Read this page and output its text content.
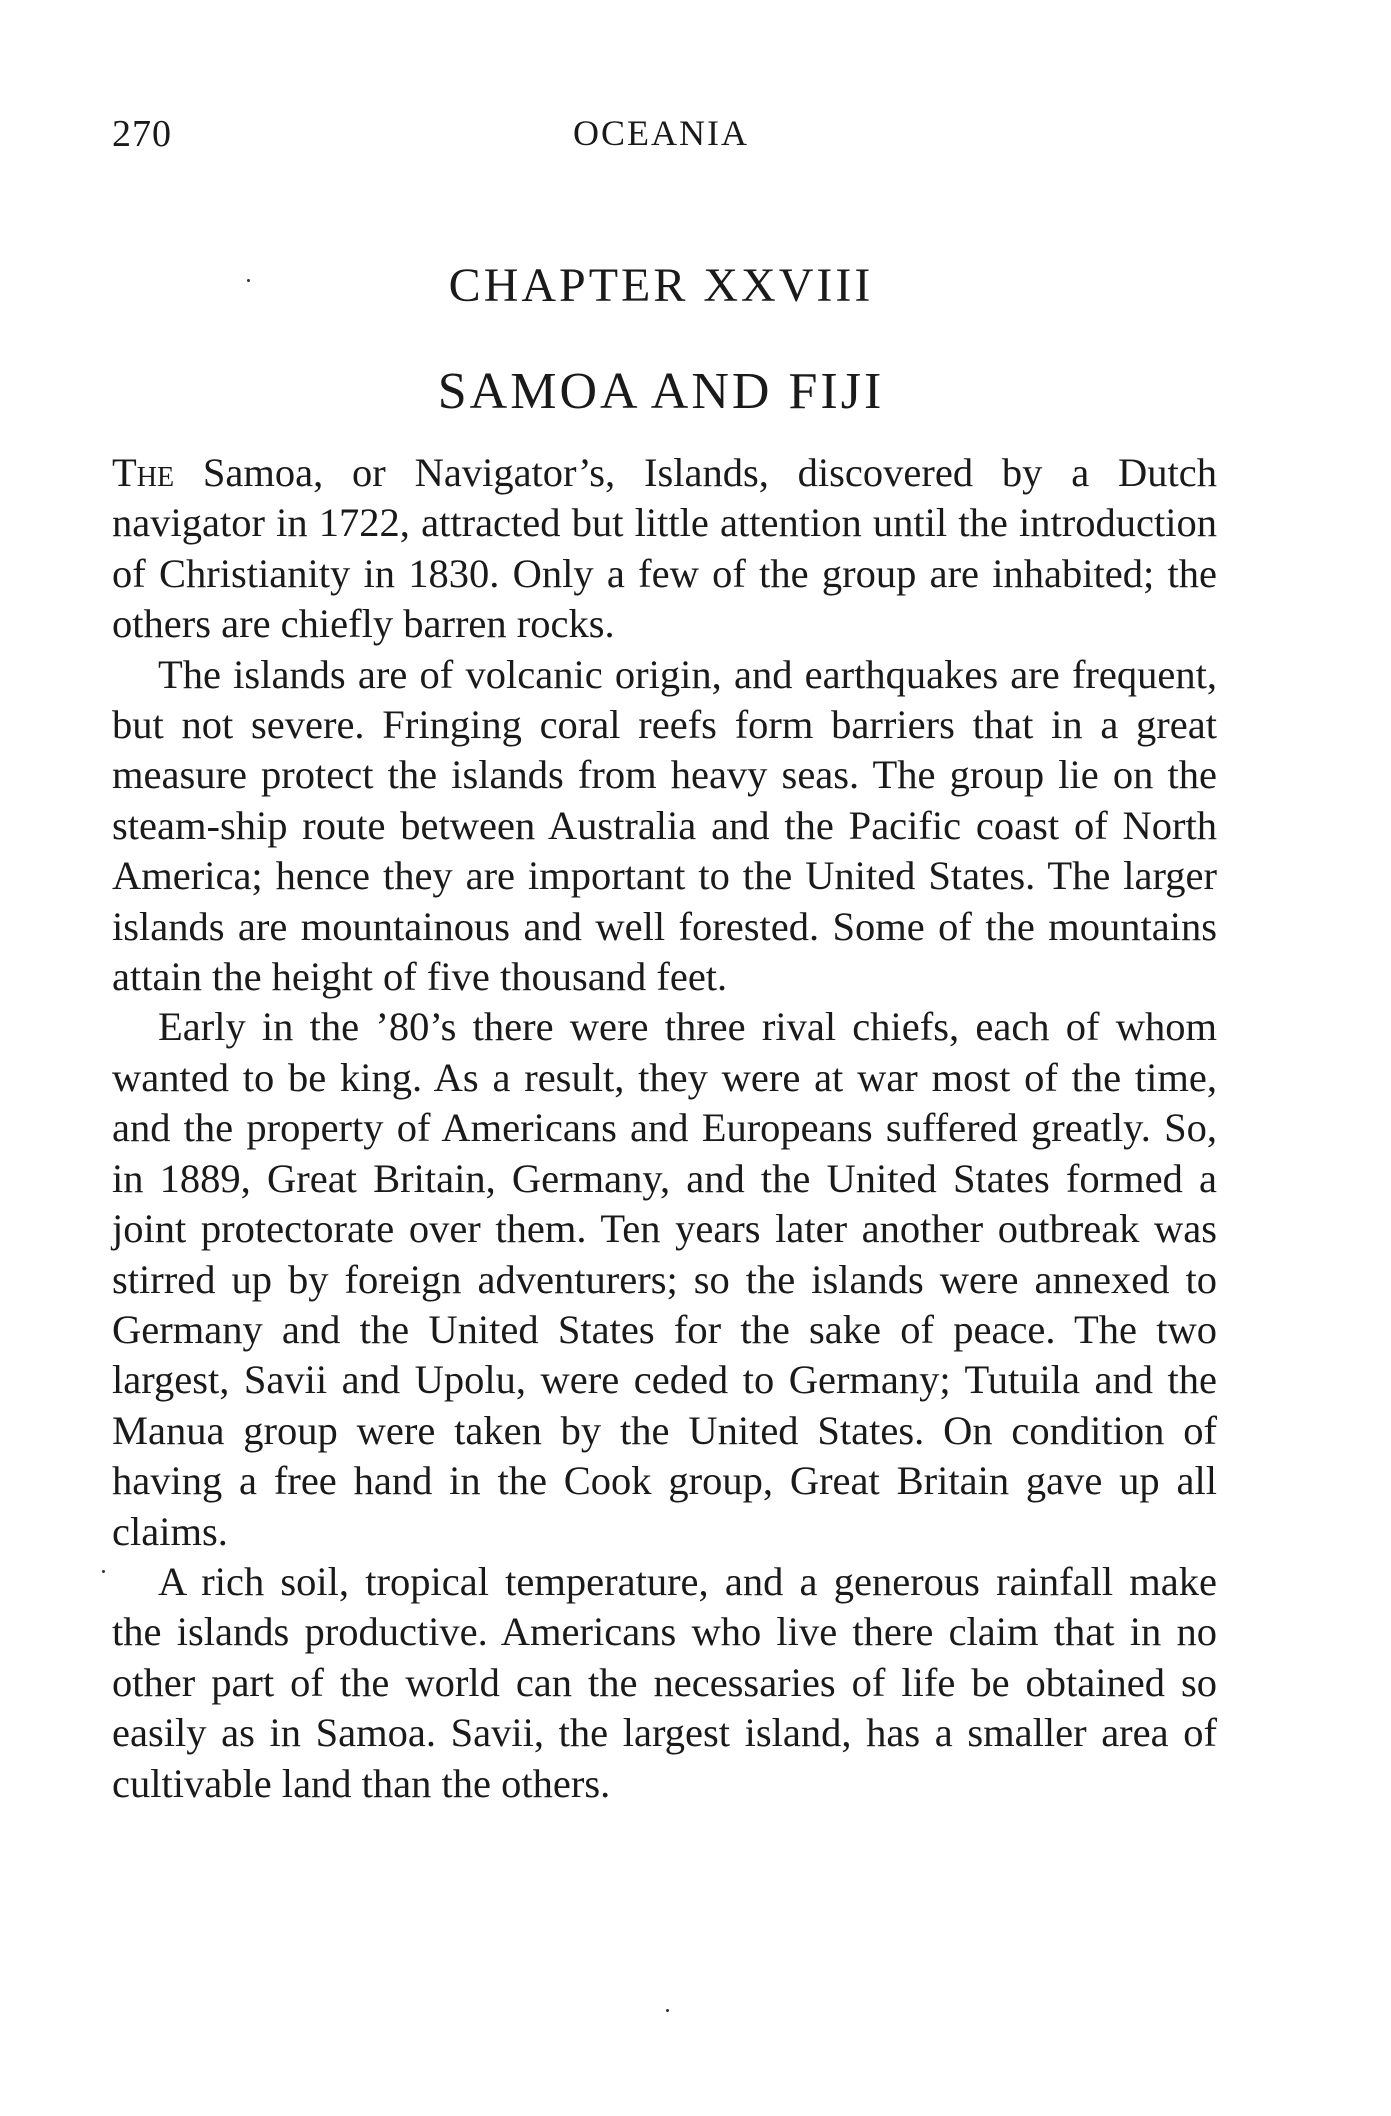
270	OCEANIA
CHAPTER XXVIII
SAMOA AND FIJI

The Samoa, or Navigator’s, Islands, discovered by a Dutch navigator in 1722, attracted but little attention until the introduction of Christianity in 1830. Only a few of the group are inhabited; the others are chiefly barren rocks.

The islands are of volcanic origin, and earthquakes are frequent, but not severe. Fringing coral reefs form barriers that in a great measure protect the islands from heavy seas. The group lie on the steam-ship route between Australia and the Pacific coast of North America; hence they are important to the United States. The larger islands are mountainous and well forested. Some of the mountains attain the height of five thousand feet.

Early in the ’80’s there were three rival chiefs, each of whom wanted to be king. As a result, they were at war most of the time, and the property of Americans and Europeans suffered greatly. So, in 1889, Great Britain, Germany, and the United States formed a joint protectorate over them. Ten years later another outbreak was stirred up by foreign adventurers; so the islands were annexed to Germany and the United States for the sake of peace. The two largest, Savii and Upolu, were ceded to Germany; Tutuila and the Manua group were taken by the United States. On condition of having a free hand in the Cook group, Great Britain gave up all claims.

A rich soil, tropical temperature, and a generous rainfall make the islands productive. Americans who live there claim that in no other part of the world can the necessaries of life be obtained so easily as in Samoa. Savii, the largest island, has a smaller area of cultivable land than the others.
